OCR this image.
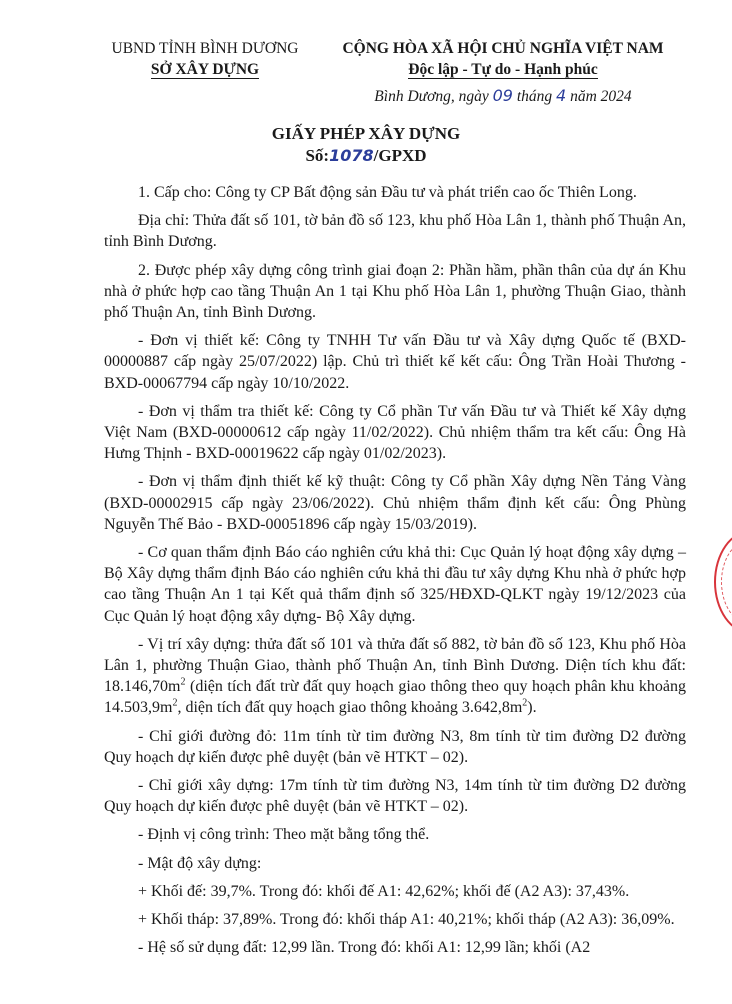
UBND TỈNH BÌNH DƯƠNG
SỞ XÂY DỰNG
CỘNG HÒA XÃ HỘI CHỦ NGHĨA VIỆT NAM
Độc lập - Tự do - Hạnh phúc
Bình Dương, ngày 09 tháng 4 năm 2024
GIẤY PHÉP XÂY DỰNG
Số:1078/GPXD

1. Cấp cho: Công ty CP Bất động sản Đầu tư và phát triển cao ốc Thiên Long.

Địa chỉ: Thửa đất số 101, tờ bản đồ số 123, khu phố Hòa Lân 1, thành phố Thuận An, tỉnh Bình Dương.

2. Được phép xây dựng công trình giai đoạn 2: Phần hầm, phần thân của dự án Khu nhà ở phức hợp cao tầng Thuận An 1 tại Khu phố Hòa Lân 1, phường Thuận Giao, thành phố Thuận An, tỉnh Bình Dương.

- Đơn vị thiết kế: Công ty TNHH Tư vấn Đầu tư và Xây dựng Quốc tế (BXD-00000887 cấp ngày 25/07/2022) lập. Chủ trì thiết kế kết cấu: Ông Trần Hoài Thương - BXD-00067794 cấp ngày 10/10/2022.

- Đơn vị thẩm tra thiết kế: Công ty Cổ phần Tư vấn Đầu tư và Thiết kế Xây dựng Việt Nam (BXD-00000612 cấp ngày 11/02/2022). Chủ nhiệm thẩm tra kết cấu: Ông Hà Hưng Thịnh - BXD-00019622 cấp ngày 01/02/2023).

- Đơn vị thẩm định thiết kế kỹ thuật: Công ty Cổ phần Xây dựng Nền Tảng Vàng (BXD-00002915 cấp ngày 23/06/2022). Chủ nhiệm thẩm định kết cấu: Ông Phùng Nguyễn Thế Bảo - BXD-00051896 cấp ngày 15/03/2019).

- Cơ quan thẩm định Báo cáo nghiên cứu khả thi: Cục Quản lý hoạt động xây dựng – Bộ Xây dựng thẩm định Báo cáo nghiên cứu khả thi đầu tư xây dựng Khu nhà ở phức hợp cao tầng Thuận An 1 tại Kết quả thẩm định số 325/HĐXD-QLKT ngày 19/12/2023 của Cục Quản lý hoạt động xây dựng- Bộ Xây dựng.

- Vị trí xây dựng: thửa đất số 101 và thửa đất số 882, tờ bản đồ số 123, Khu phố Hòa Lân 1, phường Thuận Giao, thành phố Thuận An, tỉnh Bình Dương. Diện tích khu đất: $18.146,70m^2$ (diện tích đất trừ đất quy hoạch giao thông theo quy hoạch phân khu khoảng $14.503,9m^2$, diện tích đất quy hoạch giao thông khoảng $3.642,8m^2$).

- Chỉ giới đường đỏ: 11m tính từ tim đường N3, 8m tính từ tim đường D2 đường Quy hoạch dự kiến được phê duyệt (bản vẽ HTKT – 02).

- Chỉ giới xây dựng: 17m tính từ tim đường N3, 14m tính từ tim đường D2 đường Quy hoạch dự kiến được phê duyệt (bản vẽ HTKT – 02).

- Định vị công trình: Theo mặt bằng tổng thể.

- Mật độ xây dựng:

+ Khối đế: 39,7%. Trong đó: khối đế A1: 42,62%; khối đế (A2 A3): 37,43%.

+ Khối tháp: 37,89%. Trong đó: khối tháp A1: 40,21%; khối tháp (A2 A3): 36,09%.

- Hệ số sử dụng đất: 12,99 lần. Trong đó: khối A1: 12,99 lần; khối (A2
